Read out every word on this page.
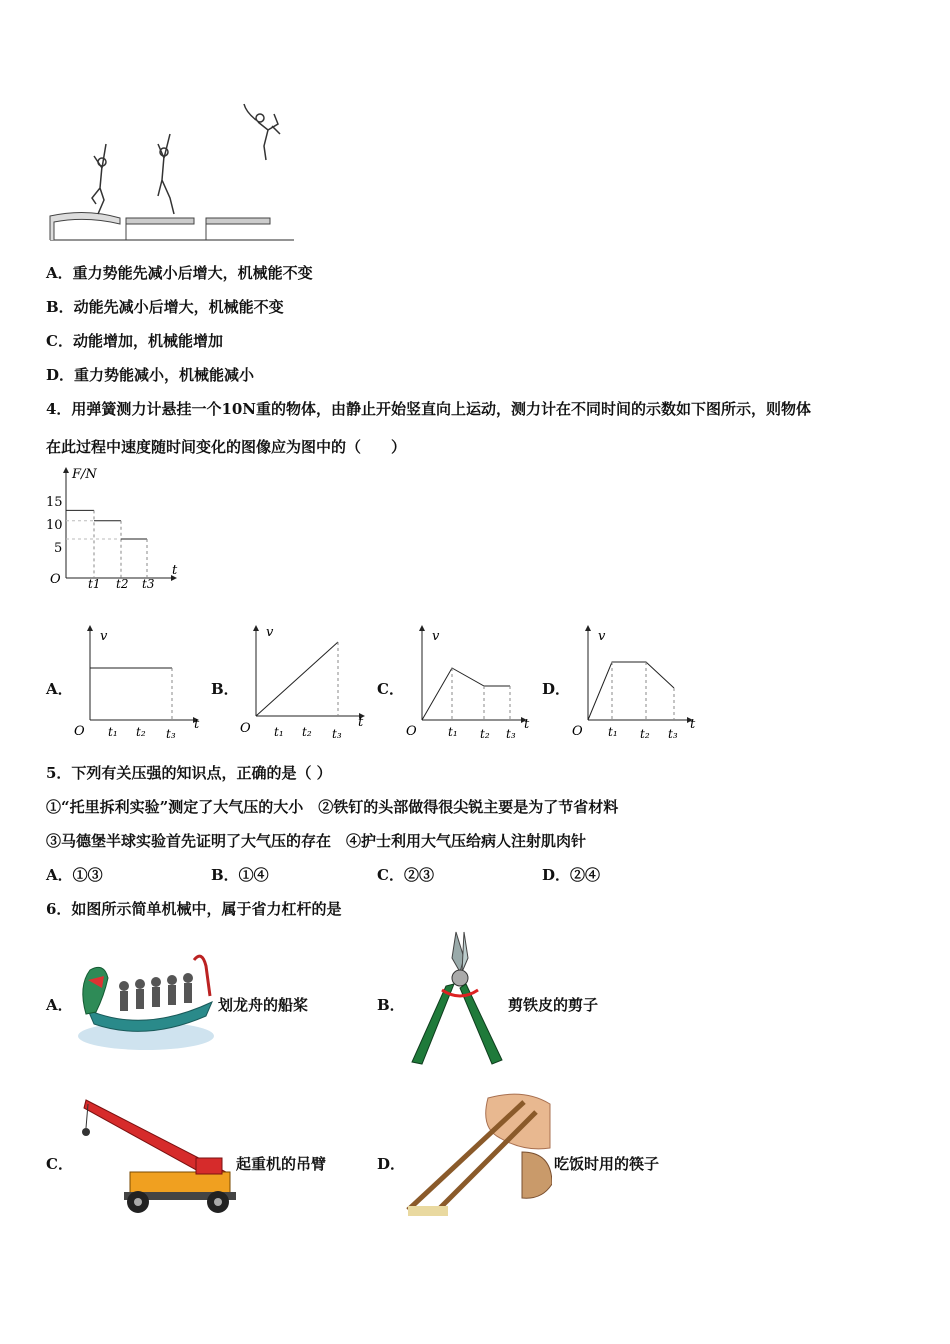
A．重力势能先减小后增大，机械能不变
B．动能先减小后增大，机械能不变
C．动能增加，机械能增加
D．重力势能减小，机械能减小
4．用弹簧测力计悬挂一个10N重的物体，由静止开始竖直向上运动，测力计在不同时间的示数如下图所示，则物体
在此过程中速度随时间变化的图像应为图中的（　　）
F/N
t
O
15
10
5
t1 t2 t3
A．	B．	C．	D．
v
t
O t₁ t₂ t₃
v
t
O t₁ t₂ t₃
v
t
O	t₁ t₂ t₃
v
t
O t₁ t₂ t₃
5．下列有关压强的知识点，正确的是（ ）
①“托里拆利实验”测定了大气压的大小　②铁钉的头部做得很尖锐主要是为了节省材料
③马德堡半球实验首先证明了大气压的存在　④护士利用大气压给病人注射肌肉针
A．①③	B．①④	C．②③	D．②④
6．如图所示简单机械中，属于省力杠杆的是
A．	划龙舟的船桨	B．	剪铁皮的剪子
C．	起重机的吊臂	D．	吃饭时用的筷子
